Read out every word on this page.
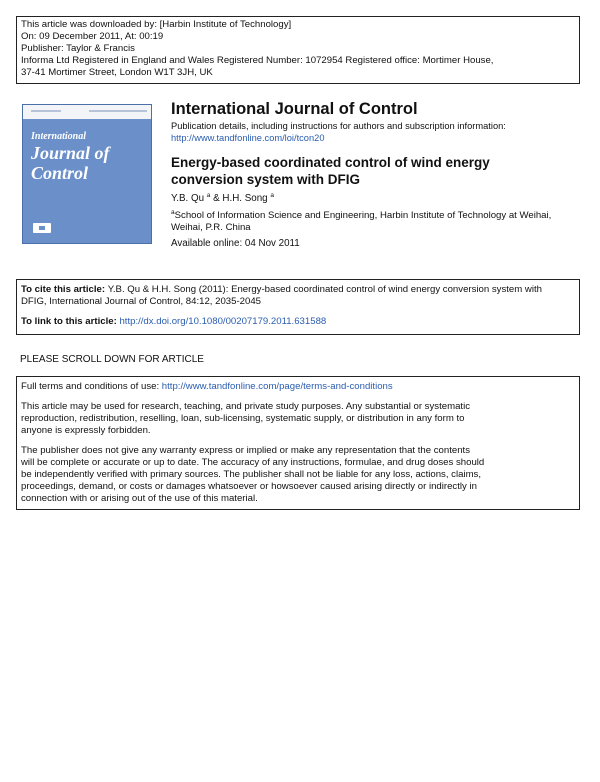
This article was downloaded by: [Harbin Institute of Technology]
On: 09 December 2011, At: 00:19
Publisher: Taylor & Francis
Informa Ltd Registered in England and Wales Registered Number: 1072954 Registered office: Mortimer House,
37-41 Mortimer Street, London W1T 3JH, UK
International
Journal of
Control
International Journal of Control
Publication details, including instructions for authors and subscription information:
http://www.tandfonline.com/loi/tcon20
Energy-based coordinated control of wind energy
conversion system with DFIG
Y.B. Qu $^a$ & H.H. Song $^a$
$^a$School of Information Science and Engineering, Harbin Institute of Technology at Weihai,
Weihai, P.R. China
Available online: 04 Nov 2011
To cite this article: Y.B. Qu & H.H. Song (2011): Energy-based coordinated control of wind energy conversion system with
DFIG, International Journal of Control, 84:12, 2035-2045
To link to this article: http://dx.doi.org/10.1080/00207179.2011.631588
PLEASE SCROLL DOWN FOR ARTICLE

Full terms and conditions of use: http://www.tandfonline.com/page/terms-and-conditions

This article may be used for research, teaching, and private study purposes. Any substantial or systematic
reproduction, redistribution, reselling, loan, sub-licensing, systematic supply, or distribution in any form to
anyone is expressly forbidden.

The publisher does not give any warranty express or implied or make any representation that the contents
will be complete or accurate or up to date. The accuracy of any instructions, formulae, and drug doses should
be independently verified with primary sources. The publisher shall not be liable for any loss, actions, claims,
proceedings, demand, or costs or damages whatsoever or howsoever caused arising directly or indirectly in
connection with or arising out of the use of this material.
